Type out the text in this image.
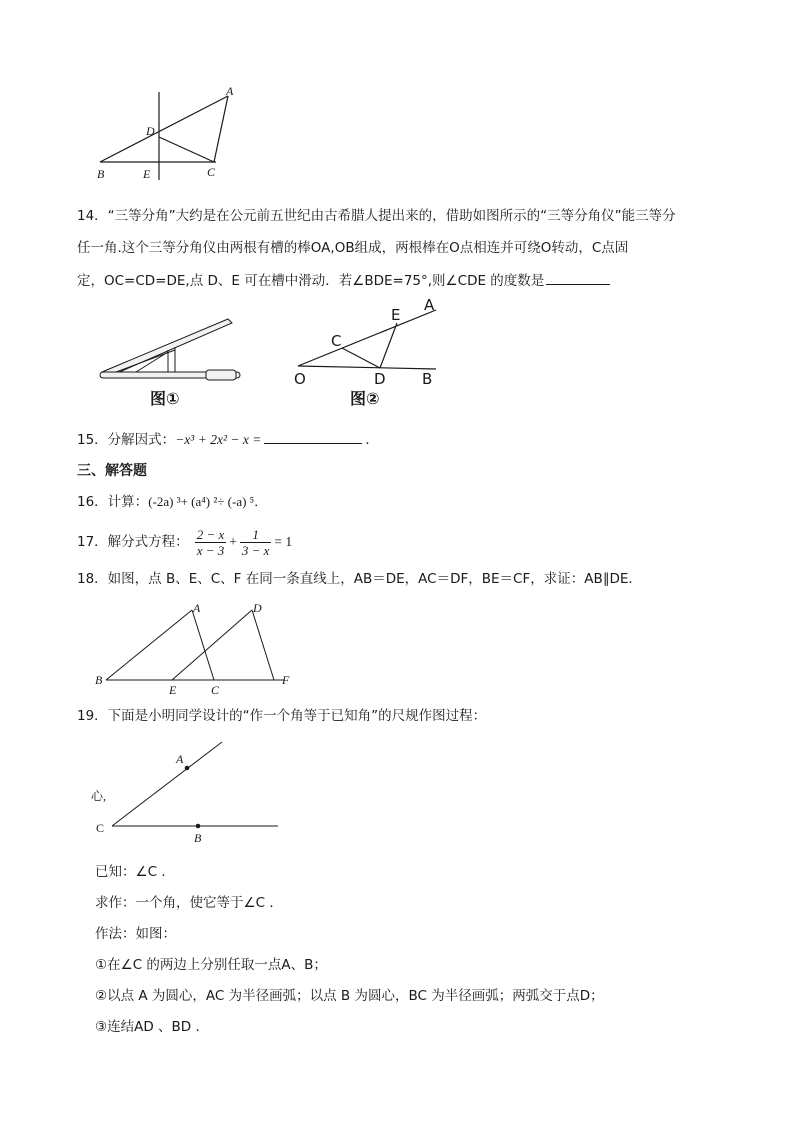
A
D
B	E	C
14．“三等分角”大约是在公元前五世纪由古希腊人提出来的，借助如图所示的“三等分角仪”能三等分
任一角.这个三等分角仪由两根有槽的棒OA,OB组成，两根棒在O点相连并可绕O转动，C点固
定，OC=CD=DE,点 D、E 可在槽中滑动．若∠BDE=75°,则∠CDE 的度数是
图①
A
E
C
O	D B
图②
15．分解因式：−x³ + 2x² − x =	．
三、解答题
16．计算：(-2a) ³+ (a⁴) ²÷ (-a) ⁵．
17．解分式方程： $\frac{2 - x}{x - 3} + \frac{1}{3 - x} = 1$
18．如图，点 B、E、C、F 在同一条直线上，AB＝DE，AC＝DF，BE＝CF，求证：AB∥DE．
A	D
B
E	C
F
19．下面是小明同学设计的“作一个角等于已知角”的尺规作图过程：
A
B
C
心,
已知：∠C ．
求作：一个角，使它等于∠C ．
作法：如图：
①在∠C 的两边上分别任取一点A、B；
②以点 A 为圆心，AC 为半径画弧；以点 B 为圆心，BC 为半径画弧；两弧交于点D；
③连结AD 、BD ．
